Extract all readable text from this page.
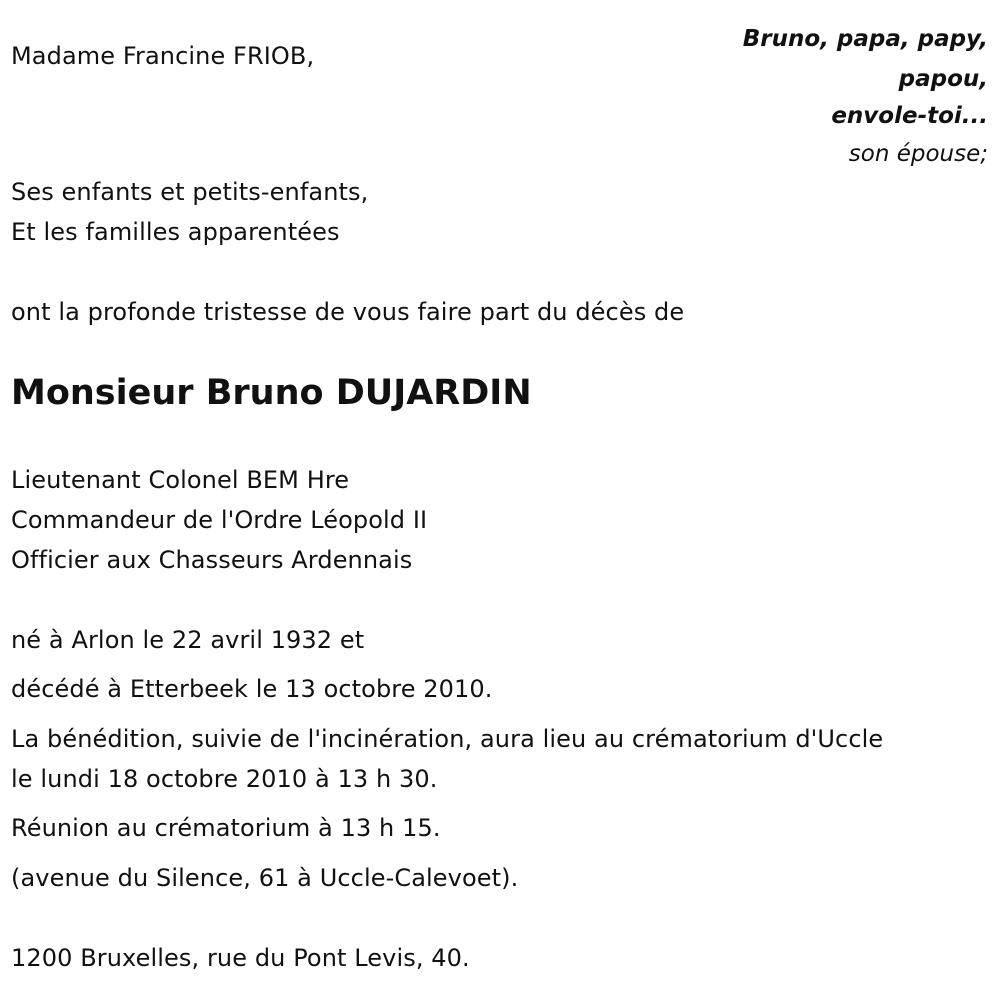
Madame Francine FRIOB,
Bruno, papa, papy,
papou,
envole-toi...
son épouse;
Ses enfants et petits-enfants,
Et les familles apparentées
ont la profonde tristesse de vous faire part du décès de
Monsieur Bruno DUJARDIN
Lieutenant Colonel BEM Hre
Commandeur de l'Ordre Léopold II
Officier aux Chasseurs Ardennais
né à Arlon le 22 avril 1932 et
décédé à Etterbeek le 13 octobre 2010.
La bénédition, suivie de l'incinération, aura lieu au crématorium d'Uccle
le lundi 18 octobre 2010 à 13 h 30.
Réunion au crématorium à 13 h 15.
(avenue du Silence, 61 à Uccle-Calevoet).
1200 Bruxelles, rue du Pont Levis, 40.
